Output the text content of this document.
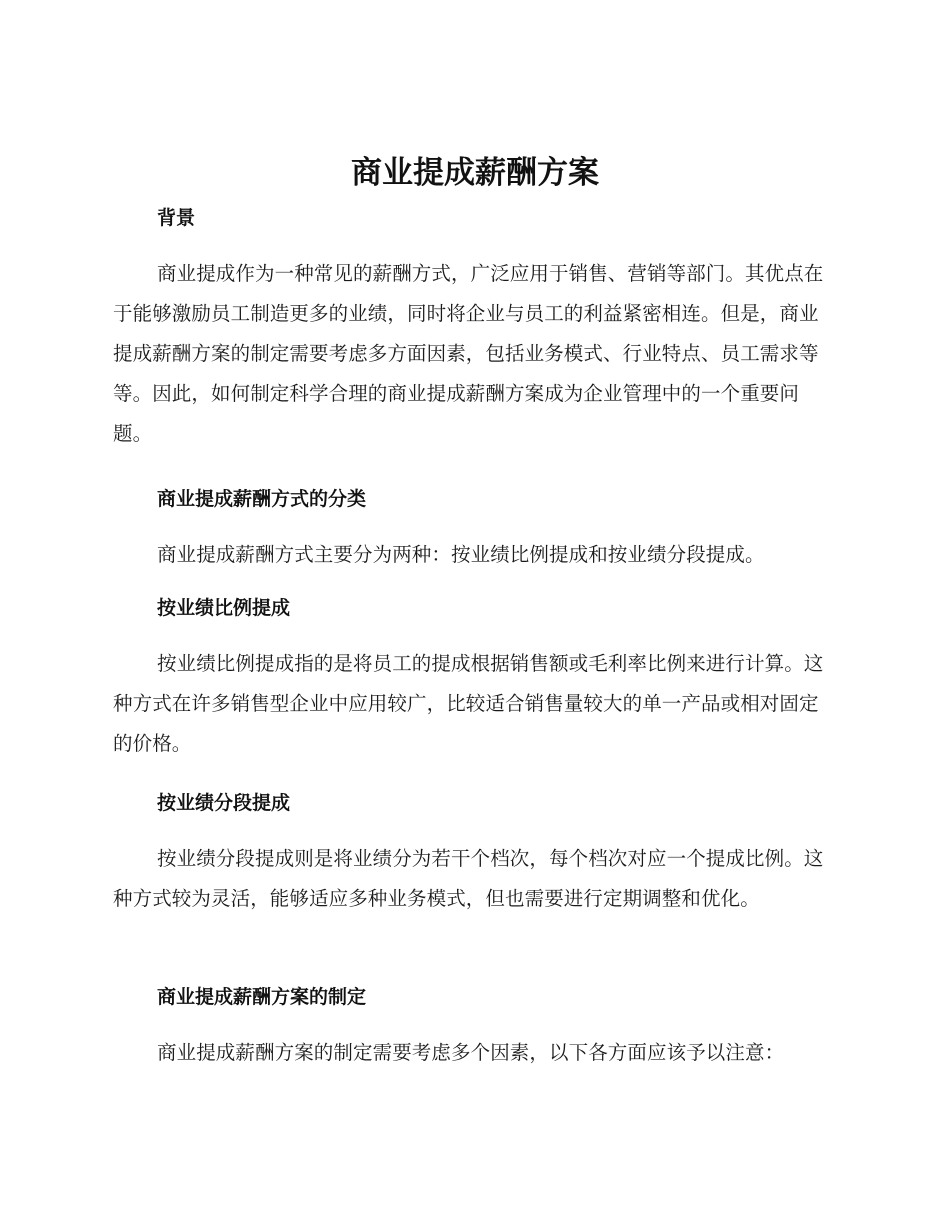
商业提成薪酬方案
背景

商业提成作为一种常见的薪酬方式，广泛应用于销售、营销等部门。其优点在于能够激励员工制造更多的业绩，同时将企业与员工的利益紧密相连。但是，商业提成薪酬方案的制定需要考虑多方面因素，包括业务模式、行业特点、员工需求等等。因此，如何制定科学合理的商业提成薪酬方案成为企业管理中的一个重要问题。

商业提成薪酬方式的分类

商业提成薪酬方式主要分为两种：按业绩比例提成和按业绩分段提成。

按业绩比例提成

按业绩比例提成指的是将员工的提成根据销售额或毛利率比例来进行计算。这种方式在许多销售型企业中应用较广，比较适合销售量较大的单一产品或相对固定的价格。

按业绩分段提成

按业绩分段提成则是将业绩分为若干个档次，每个档次对应一个提成比例。这种方式较为灵活，能够适应多种业务模式，但也需要进行定期调整和优化。

商业提成薪酬方案的制定

商业提成薪酬方案的制定需要考虑多个因素，以下各方面应该予以注意：
